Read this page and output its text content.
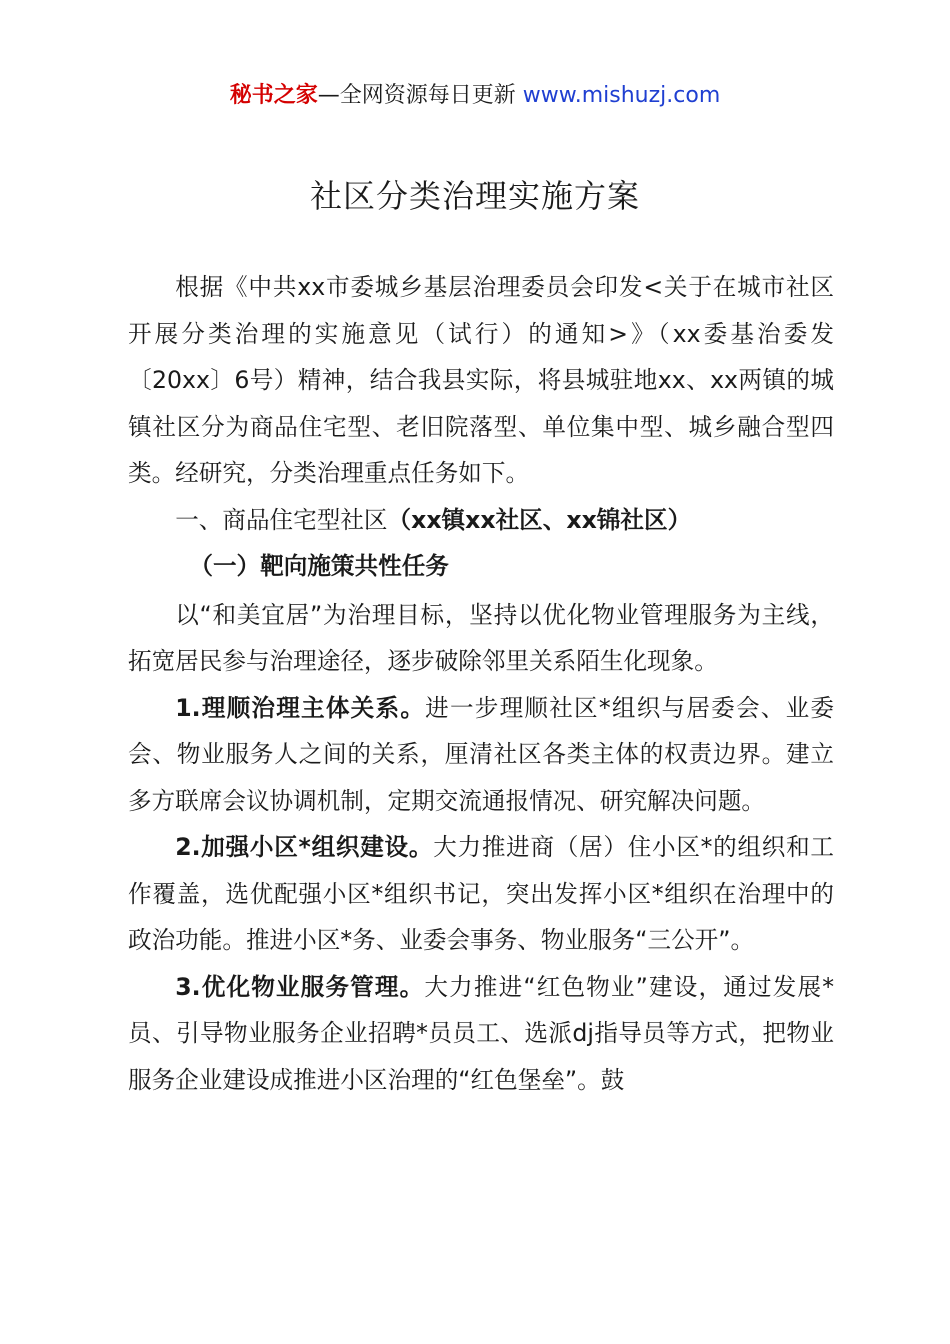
秘书之家—全网资源每日更新 www.mishuzj.com
社区分类治理实施方案

根据《中共xx市委城乡基层治理委员会印发<关于在城市社区开展分类治理的实施意见（试行）的通知>》（xx委基治委发〔20xx〕6号）精神，结合我县实际，将县城驻地xx、xx两镇的城镇社区分为商品住宅型、老旧院落型、单位集中型、城乡融合型四类。经研究，分类治理重点任务如下。

一、商品住宅型社区（xx镇xx社区、xx锦社区）

（一）靶向施策共性任务

以“和美宜居”为治理目标，坚持以优化物业管理服务为主线，拓宽居民参与治理途径，逐步破除邻里关系陌生化现象。

1.理顺治理主体关系。进一步理顺社区*组织与居委会、业委会、物业服务人之间的关系，厘清社区各类主体的权责边界。建立多方联席会议协调机制，定期交流通报情况、研究解决问题。

2.加强小区*组织建设。大力推进商（居）住小区*的组织和工作覆盖，选优配强小区*组织书记，突出发挥小区*组织在治理中的政治功能。推进小区*务、业委会事务、物业服务“三公开”。

3.优化物业服务管理。大力推进“红色物业”建设，通过发展*员、引导物业服务企业招聘*员员工、选派dj指导员等方式，把物业服务企业建设成推进小区治理的“红色堡垒”。鼓
